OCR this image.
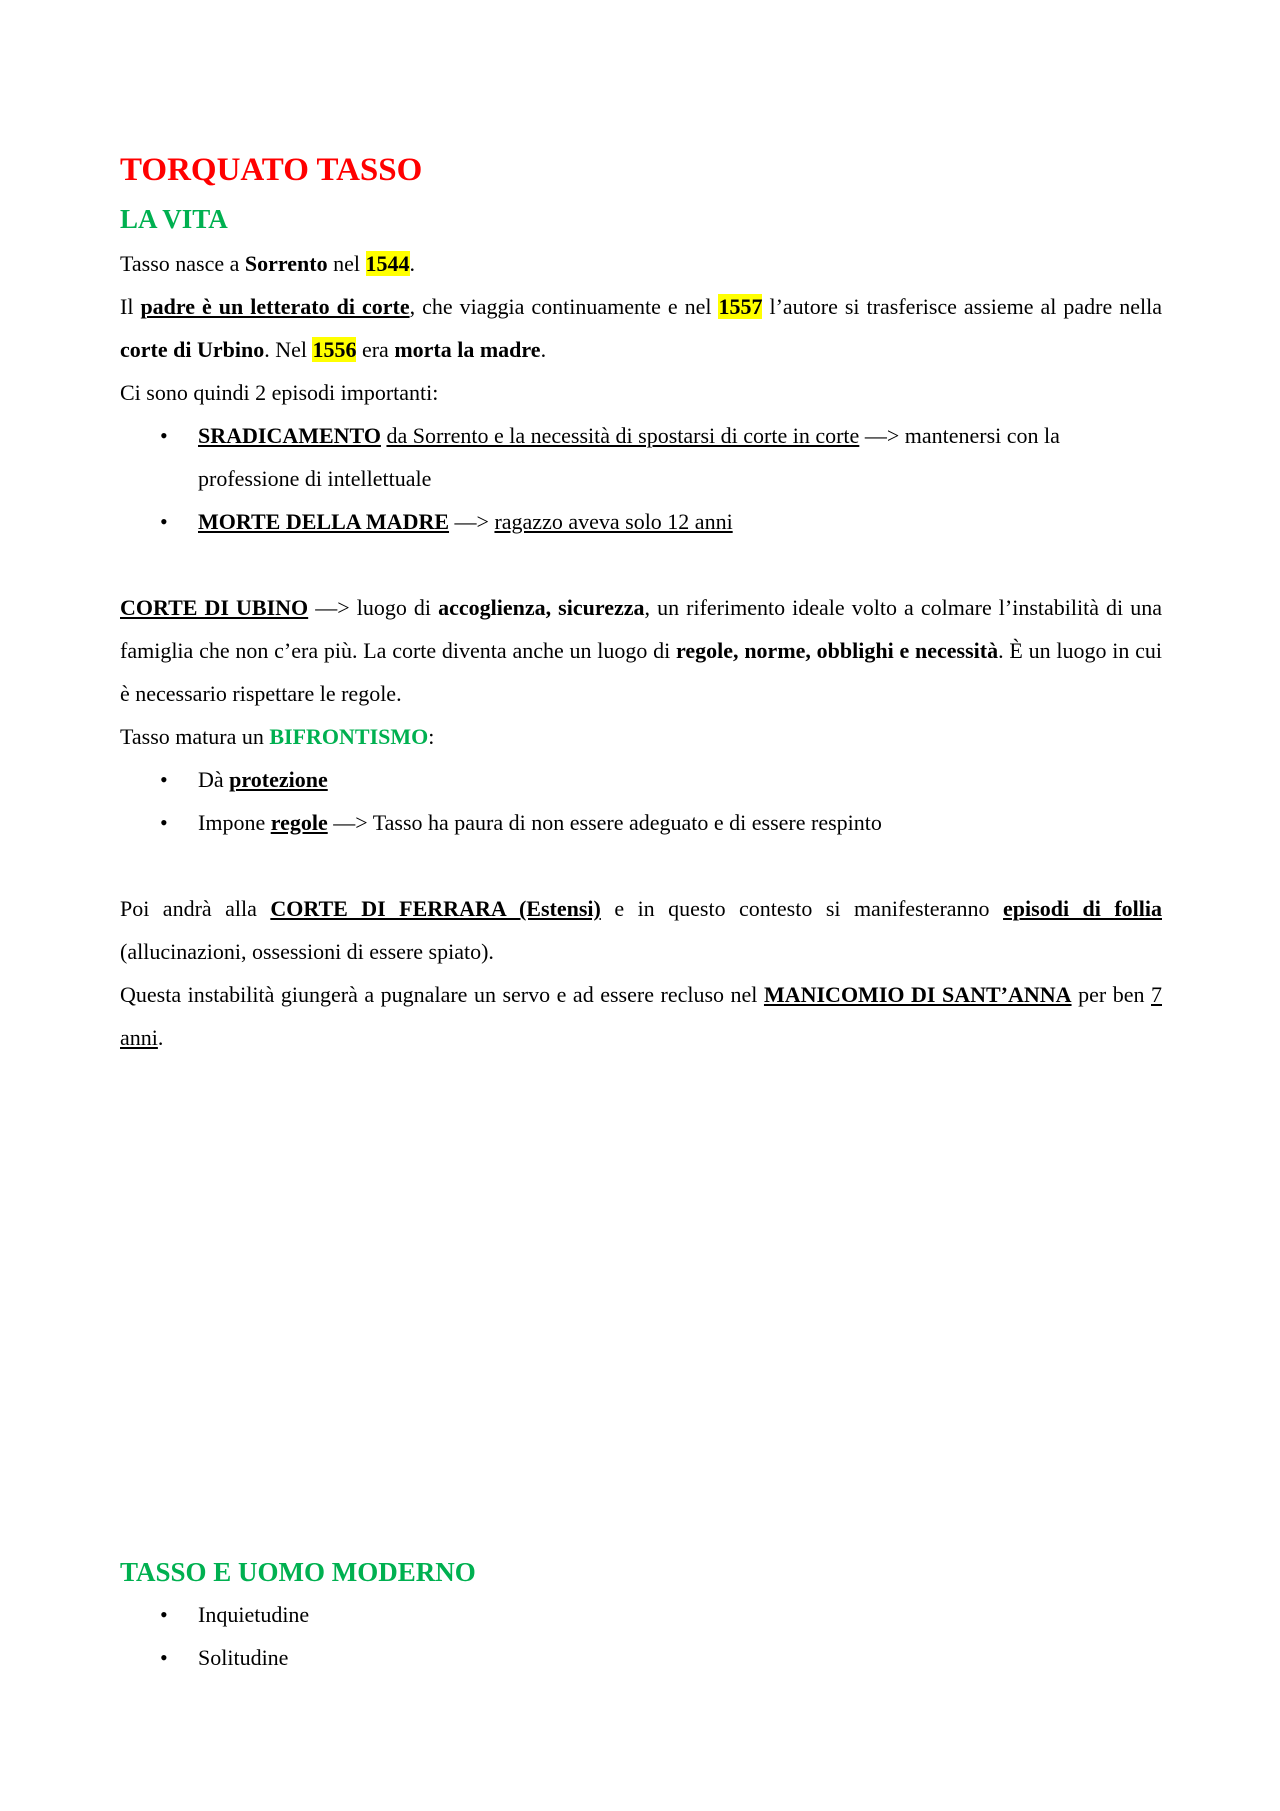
TORQUATO TASSO
LA VITA

Tasso nasce a Sorrento nel 1544.

Il padre è un letterato di corte, che viaggia continuamente e nel 1557 l’autore si trasferisce assieme al padre nella corte di Urbino. Nel 1556 era morta la madre.

Ci sono quindi 2 episodi importanti:

• SRADICAMENTO da Sorrento e la necessità di spostarsi di corte in corte —> mantenersi con la professione di intellettuale
• MORTE DELLA MADRE —> ragazzo aveva solo 12 anni

CORTE DI UBINO —> luogo di accoglienza, sicurezza, un riferimento ideale volto a colmare l’instabilità di una famiglia che non c’era più. La corte diventa anche un luogo di regole, norme, obblighi e necessità. È un luogo in cui è necessario rispettare le regole.

Tasso matura un BIFRONTISMO:

• Dà protezione
• Impone regole —> Tasso ha paura di non essere adeguato e di essere respinto

Poi andrà alla CORTE DI FERRARA (Estensi) e in questo contesto si manifesteranno episodi di follia (allucinazioni, ossessioni di essere spiato).

Questa instabilità giungerà a pugnalare un servo e ad essere recluso nel MANICOMIO DI SANT’ANNA per ben 7 anni.

TASSO E UOMO MODERNO
• Inquietudine
• Solitudine
